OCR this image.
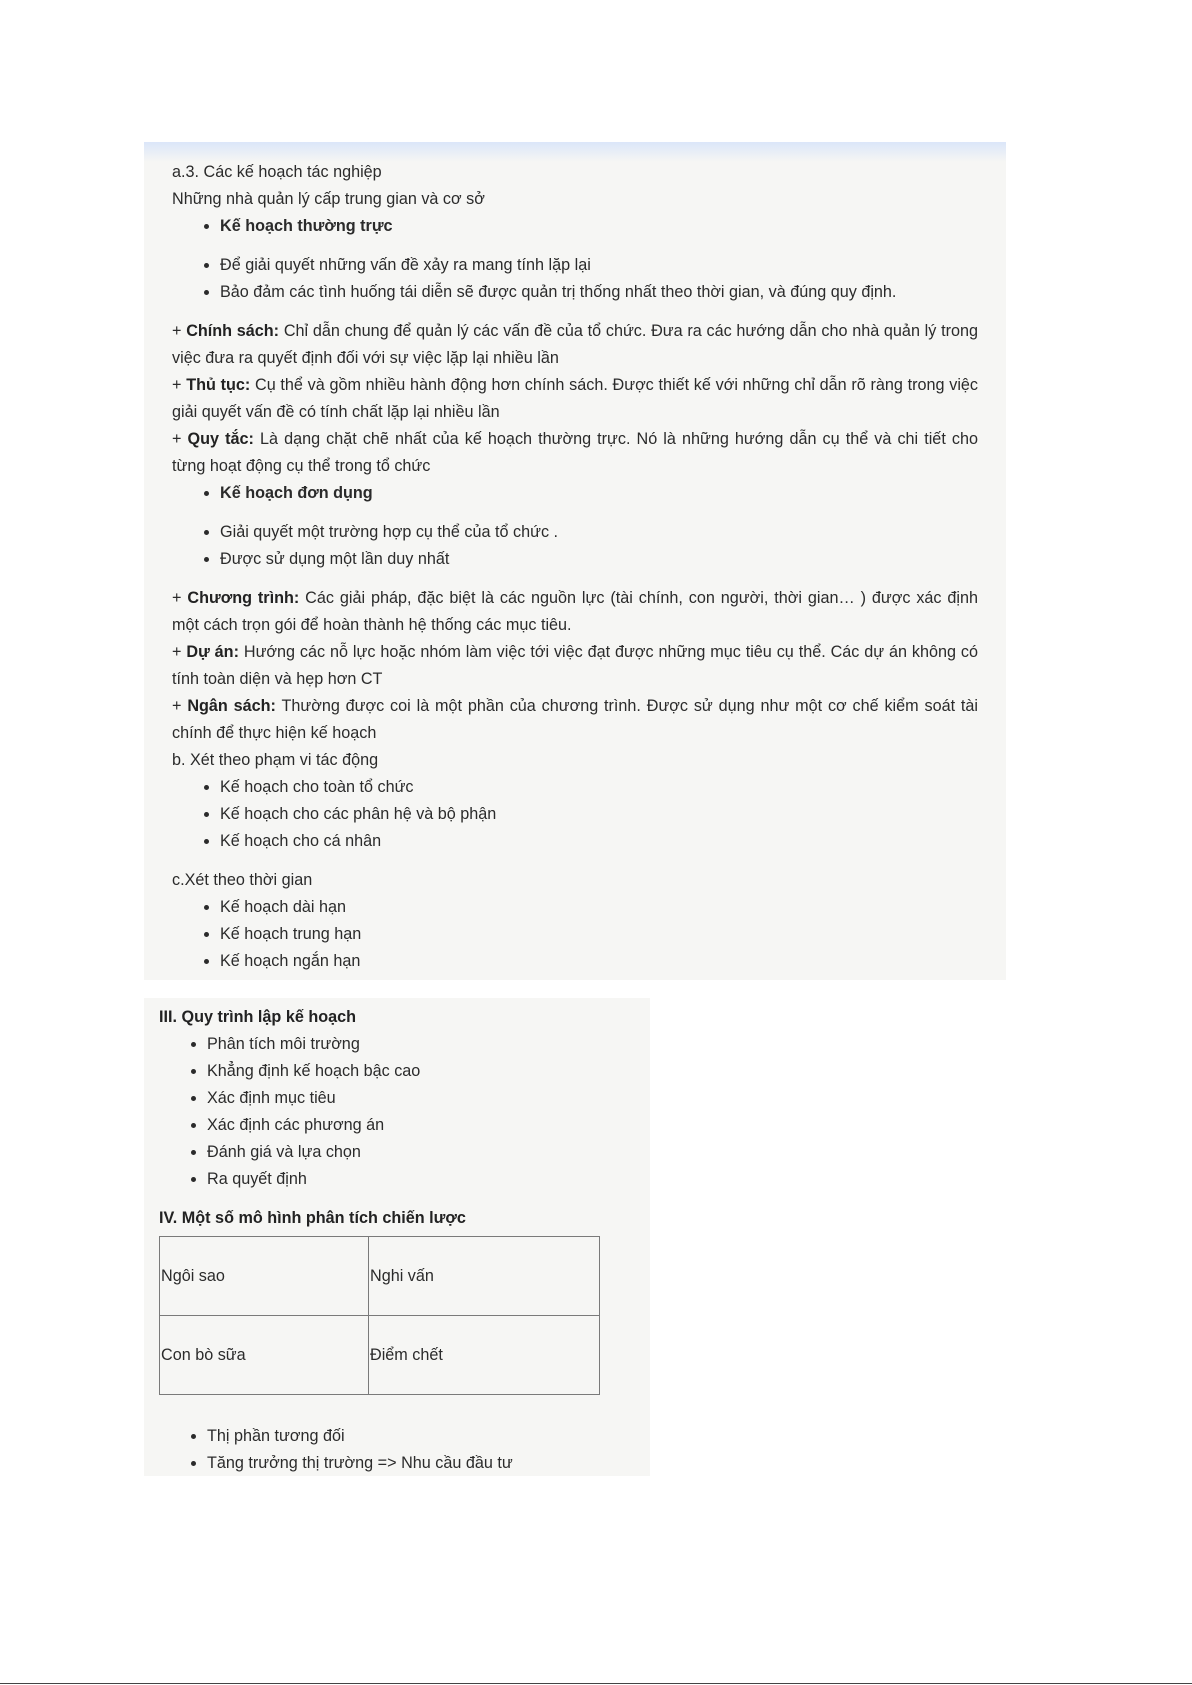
a.3. Các kế hoạch tác nghiệp
Những nhà quản lý cấp trung gian và cơ sở
• Kế hoạch thường trực
• Để giải quyết những vấn đề xảy ra mang tính lặp lại
• Bảo đảm các tình huống tái diễn sẽ được quản trị thống nhất theo thời gian, và đúng quy định.
+ Chính sách: Chỉ dẫn chung để quản lý các vấn đề của tổ chức. Đưa ra các hướng dẫn cho nhà quản lý trong việc đưa ra quyết định đối với sự việc lặp lại nhiều lần
+ Thủ tục: Cụ thể và gồm nhiều hành động hơn chính sách. Được thiết kế với những chỉ dẫn rõ ràng trong việc giải quyết vấn đề có tính chất lặp lại nhiều lần
+ Quy tắc: Là dạng chặt chẽ nhất của kế hoạch thường trực. Nó là những hướng dẫn cụ thể và chi tiết cho từng hoạt động cụ thể trong tổ chức
• Kế hoạch đơn dụng
• Giải quyết một trường hợp cụ thể của tổ chức .
• Được sử dụng một lần duy nhất
+ Chương trình: Các giải pháp, đặc biệt là các nguồn lực (tài chính, con người, thời gian… ) được xác định một cách trọn gói để hoàn thành hệ thống các mục tiêu.
+ Dự án: Hướng các nỗ lực hoặc nhóm làm việc tới việc đạt được những mục tiêu cụ thể. Các dự án không có tính toàn diện và hẹp hơn CT
+ Ngân sách: Thường được coi là một phần của chương trình. Được sử dụng như một cơ chế kiểm soát tài chính để thực hiện kế hoạch
b. Xét theo phạm vi tác động
• Kế hoạch cho toàn tổ chức
• Kế hoạch cho các phân hệ và bộ phận
• Kế hoạch cho cá nhân
c.Xét theo thời gian
• Kế hoạch dài hạn
• Kế hoạch trung hạn
• Kế hoạch ngắn hạn
III. Quy trình lập kế hoạch
• Phân tích môi trường
• Khẳng định kế hoạch bậc cao
• Xác định mục tiêu
• Xác định các phương án
• Đánh giá và lựa chọn
• Ra quyết định
IV. Một số mô hình phân tích chiến lược
Ngôi sao	Nghi vấn
Con bò sữa	Điểm chết
• Thị phần tương đối
• Tăng trưởng thị trường => Nhu cầu đầu tư
